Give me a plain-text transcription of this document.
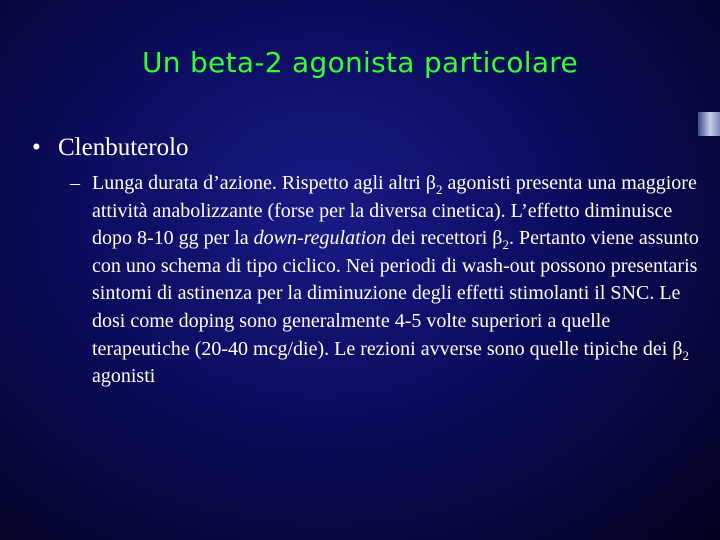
Un beta-2 agonista particolare
• Clenbuterolo
– Lunga durata d’azione. Rispetto agli altri $\beta_2$ agonisti presenta una maggiore attività anabolizzante (forse per la diversa cinetica). L’effetto diminuisce dopo 8-10 gg per la down-regulation dei recettori $\beta_2$. Pertanto viene assunto con uno schema di tipo ciclico. Nei periodi di wash-out possono presentaris sintomi di astinenza per la diminuzione degli effetti stimolanti il SNC. Le dosi come doping sono generalmente 4-5 volte superiori a quelle terapeutiche (20-40 mcg/die). Le rezioni avverse sono quelle tipiche dei $\beta_2$ agonisti
